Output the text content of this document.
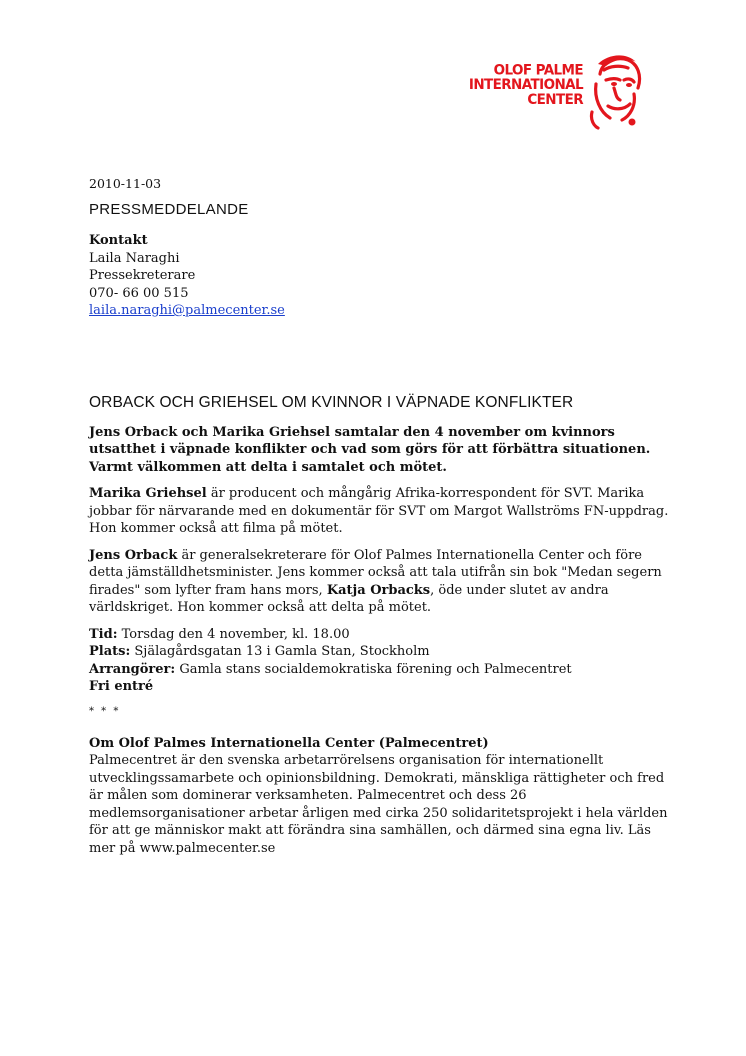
OLOF PALME
INTERNATIONAL
CENTER
2010-11-03
PRESSMEDDELANDE
Kontakt
Laila Naraghi
Pressekreterare
070- 66 00 515
laila.naraghi@palmecenter.se
ORBACK OCH GRIEHSEL OM KVINNOR I VÄPNADE KONFLIKTER

Jens Orback och Marika Griehsel samtalar den 4 november om kvinnors utsatthet i väpnade konflikter och vad som görs för att förbättra situationen. Varmt välkommen att delta i samtalet och mötet.

Marika Griehsel är producent och mångårig Afrika-korrespondent för SVT. Marika jobbar för närvarande med en dokumentär för SVT om Margot Wallströms FN-uppdrag. Hon kommer också att filma på mötet.

Jens Orback är generalsekreterare för Olof Palmes Internationella Center och före detta jämställdhetsminister. Jens kommer också att tala utifrån sin bok "Medan segern firades" som lyfter fram hans mors, Katja Orbacks, öde under slutet av andra världskriget. Hon kommer också att delta på mötet.

Tid: Torsdag den 4 november, kl. 18.00
Plats: Själagårdsgatan 13 i Gamla Stan, Stockholm
Arrangörer: Gamla stans socialdemokratiska förening och Palmecentret
Fri entré
* * *
Om Olof Palmes Internationella Center (Palmecentret)

Palmecentret är den svenska arbetarrörelsens organisation för internationellt utvecklingssamarbete och opinionsbildning. Demokrati, mänskliga rättigheter och fred är målen som dominerar verksamheten. Palmecentret och dess 26 medlemsorganisationer arbetar årligen med cirka 250 solidaritetsprojekt i hela världen för att ge människor makt att förändra sina samhällen, och därmed sina egna liv. Läs mer på www.palmecenter.se
